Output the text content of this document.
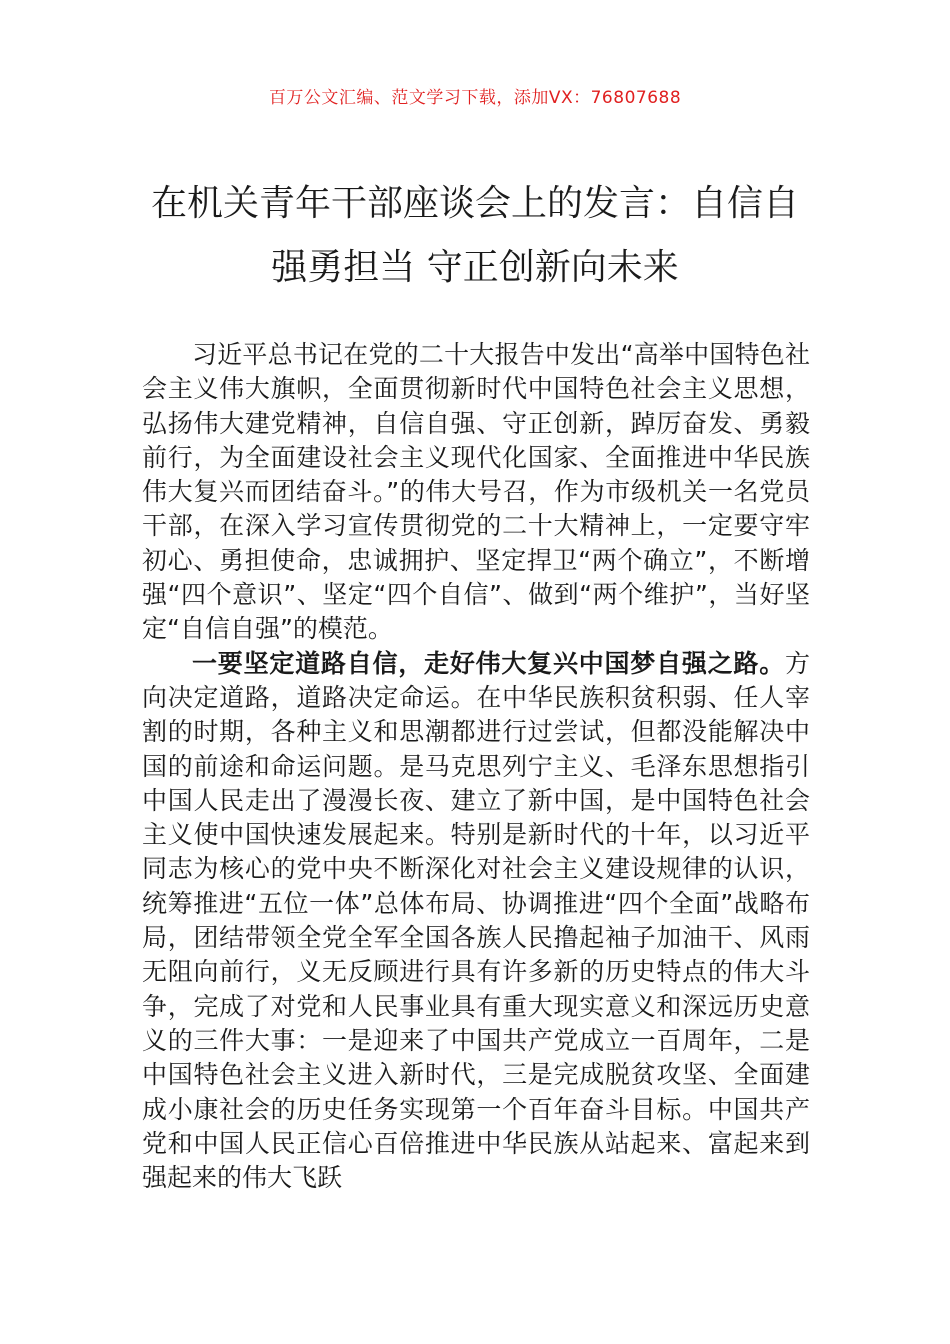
百万公文汇编、范文学习下载，添加VX：76807688
在机关青年干部座谈会上的发言：自信自
强勇担当 守正创新向未来

习近平总书记在党的二十大报告中发出“高举中国特色社会主义伟大旗帜，全面贯彻新时代中国特色社会主义思想，弘扬伟大建党精神，自信自强、守正创新，踔厉奋发、勇毅前行，为全面建设社会主义现代化国家、全面推进中华民族伟大复兴而团结奋斗。”的伟大号召，作为市级机关一名党员干部，在深入学习宣传贯彻党的二十大精神上，一定要守牢初心、勇担使命，忠诚拥护、坚定捍卫“两个确立”，不断增强“四个意识”、坚定“四个自信”、做到“两个维护”，当好坚定“自信自强”的模范。

一要坚定道路自信，走好伟大复兴中国梦自强之路。方向决定道路，道路决定命运。在中华民族积贫积弱、任人宰割的时期，各种主义和思潮都进行过尝试，但都没能解决中国的前途和命运问题。是马克思列宁主义、毛泽东思想指引中国人民走出了漫漫长夜、建立了新中国，是中国特色社会主义使中国快速发展起来。特别是新时代的十年，以习近平同志为核心的党中央不断深化对社会主义建设规律的认识，统筹推进“五位一体”总体布局、协调推进“四个全面”战略布局，团结带领全党全军全国各族人民撸起袖子加油干、风雨无阻向前行，义无反顾进行具有许多新的历史特点的伟大斗争，完成了对党和人民事业具有重大现实意义和深远历史意义的三件大事：一是迎来了中国共产党成立一百周年，二是中国特色社会主义进入新时代，三是完成脱贫攻坚、全面建成小康社会的历史任务实现第一个百年奋斗目标。中国共产党和中国人民正信心百倍推进中华民族从站起来、富起来到强起来的伟大飞跃
